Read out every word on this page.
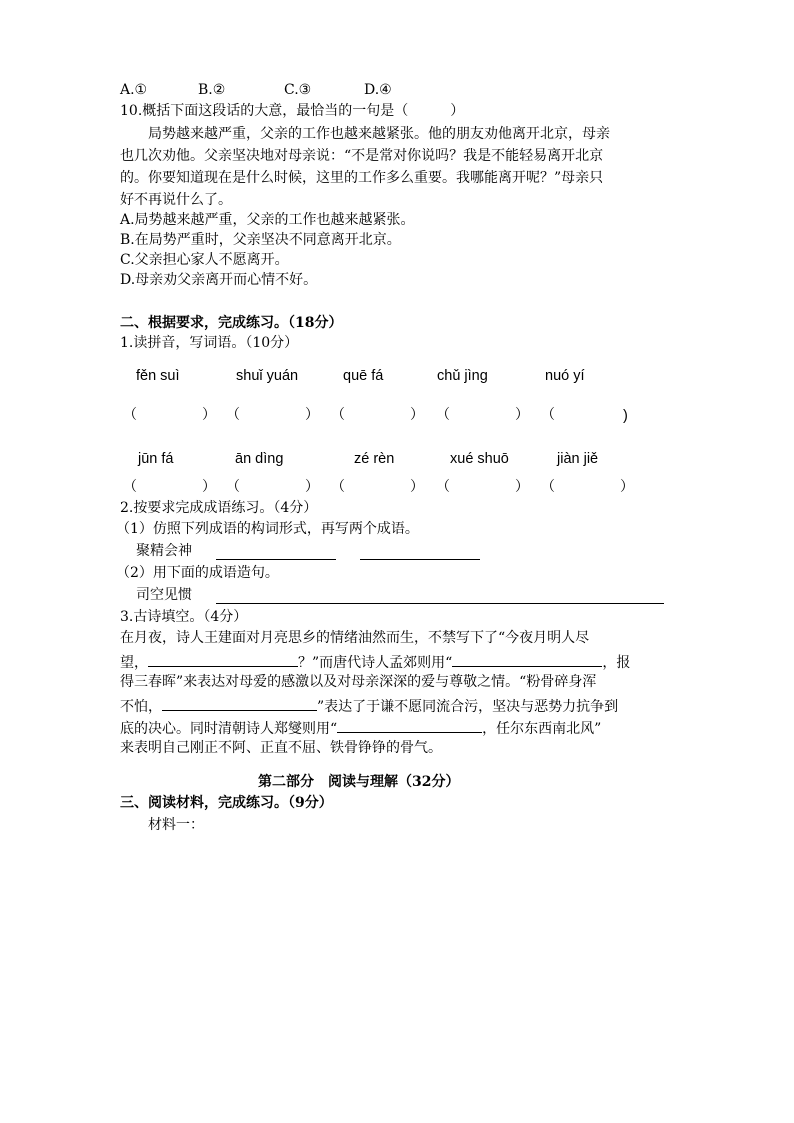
A.①	B.②	C.③	D.④
10.概括下面这段话的大意，最恰当的一句是（　　　）
局势越来越严重，父亲的工作也越来越紧张。他的朋友劝他离开北京，母亲
也几次劝他。父亲坚决地对母亲说：“不是常对你说吗？我是不能轻易离开北京
的。你要知道现在是什么时候，这里的工作多么重要。我哪能离开呢？”母亲只
好不再说什么了。
A.局势越来越严重，父亲的工作也越来越紧张。
B.在局势严重时，父亲坚决不同意离开北京。
C.父亲担心家人不愿离开。
D.母亲劝父亲离开而心情不好。
二、根据要求，完成练习。（18分）
1.读拼音，写词语。（10分）
fěn suì	shuǐ yuán	quē fá	chǔ jìng	nuó yí
（	） （	） （	） （	） （	)
jūn fá	ān dìng	zé rèn	xué shuō	jiàn jiě
（	） （	） （	） （	） （	）
2.按要求完成成语练习。（4分）
（1）仿照下列成语的构词形式，再写两个成语。
聚精会神
（2）用下面的成语造句。
司空见惯
3.古诗填空。（4分）
在月夜，诗人王建面对月亮思乡的情绪油然而生，不禁写下了“今夜月明人尽
望，	？”而唐代诗人孟郊则用“	，报
得三春晖”来表达对母爱的感激以及对母亲深深的爱与尊敬之情。“粉骨碎身浑
不怕，	”表达了于谦不愿同流合污，坚决与恶势力抗争到
底的决心。同时清朝诗人郑燮则用“	，任尔东西南北风”
来表明自己刚正不阿、正直不屈、铁骨铮铮的骨气。
第二部分　阅读与理解（32分）
三、阅读材料，完成练习。（9分）
材料一：
